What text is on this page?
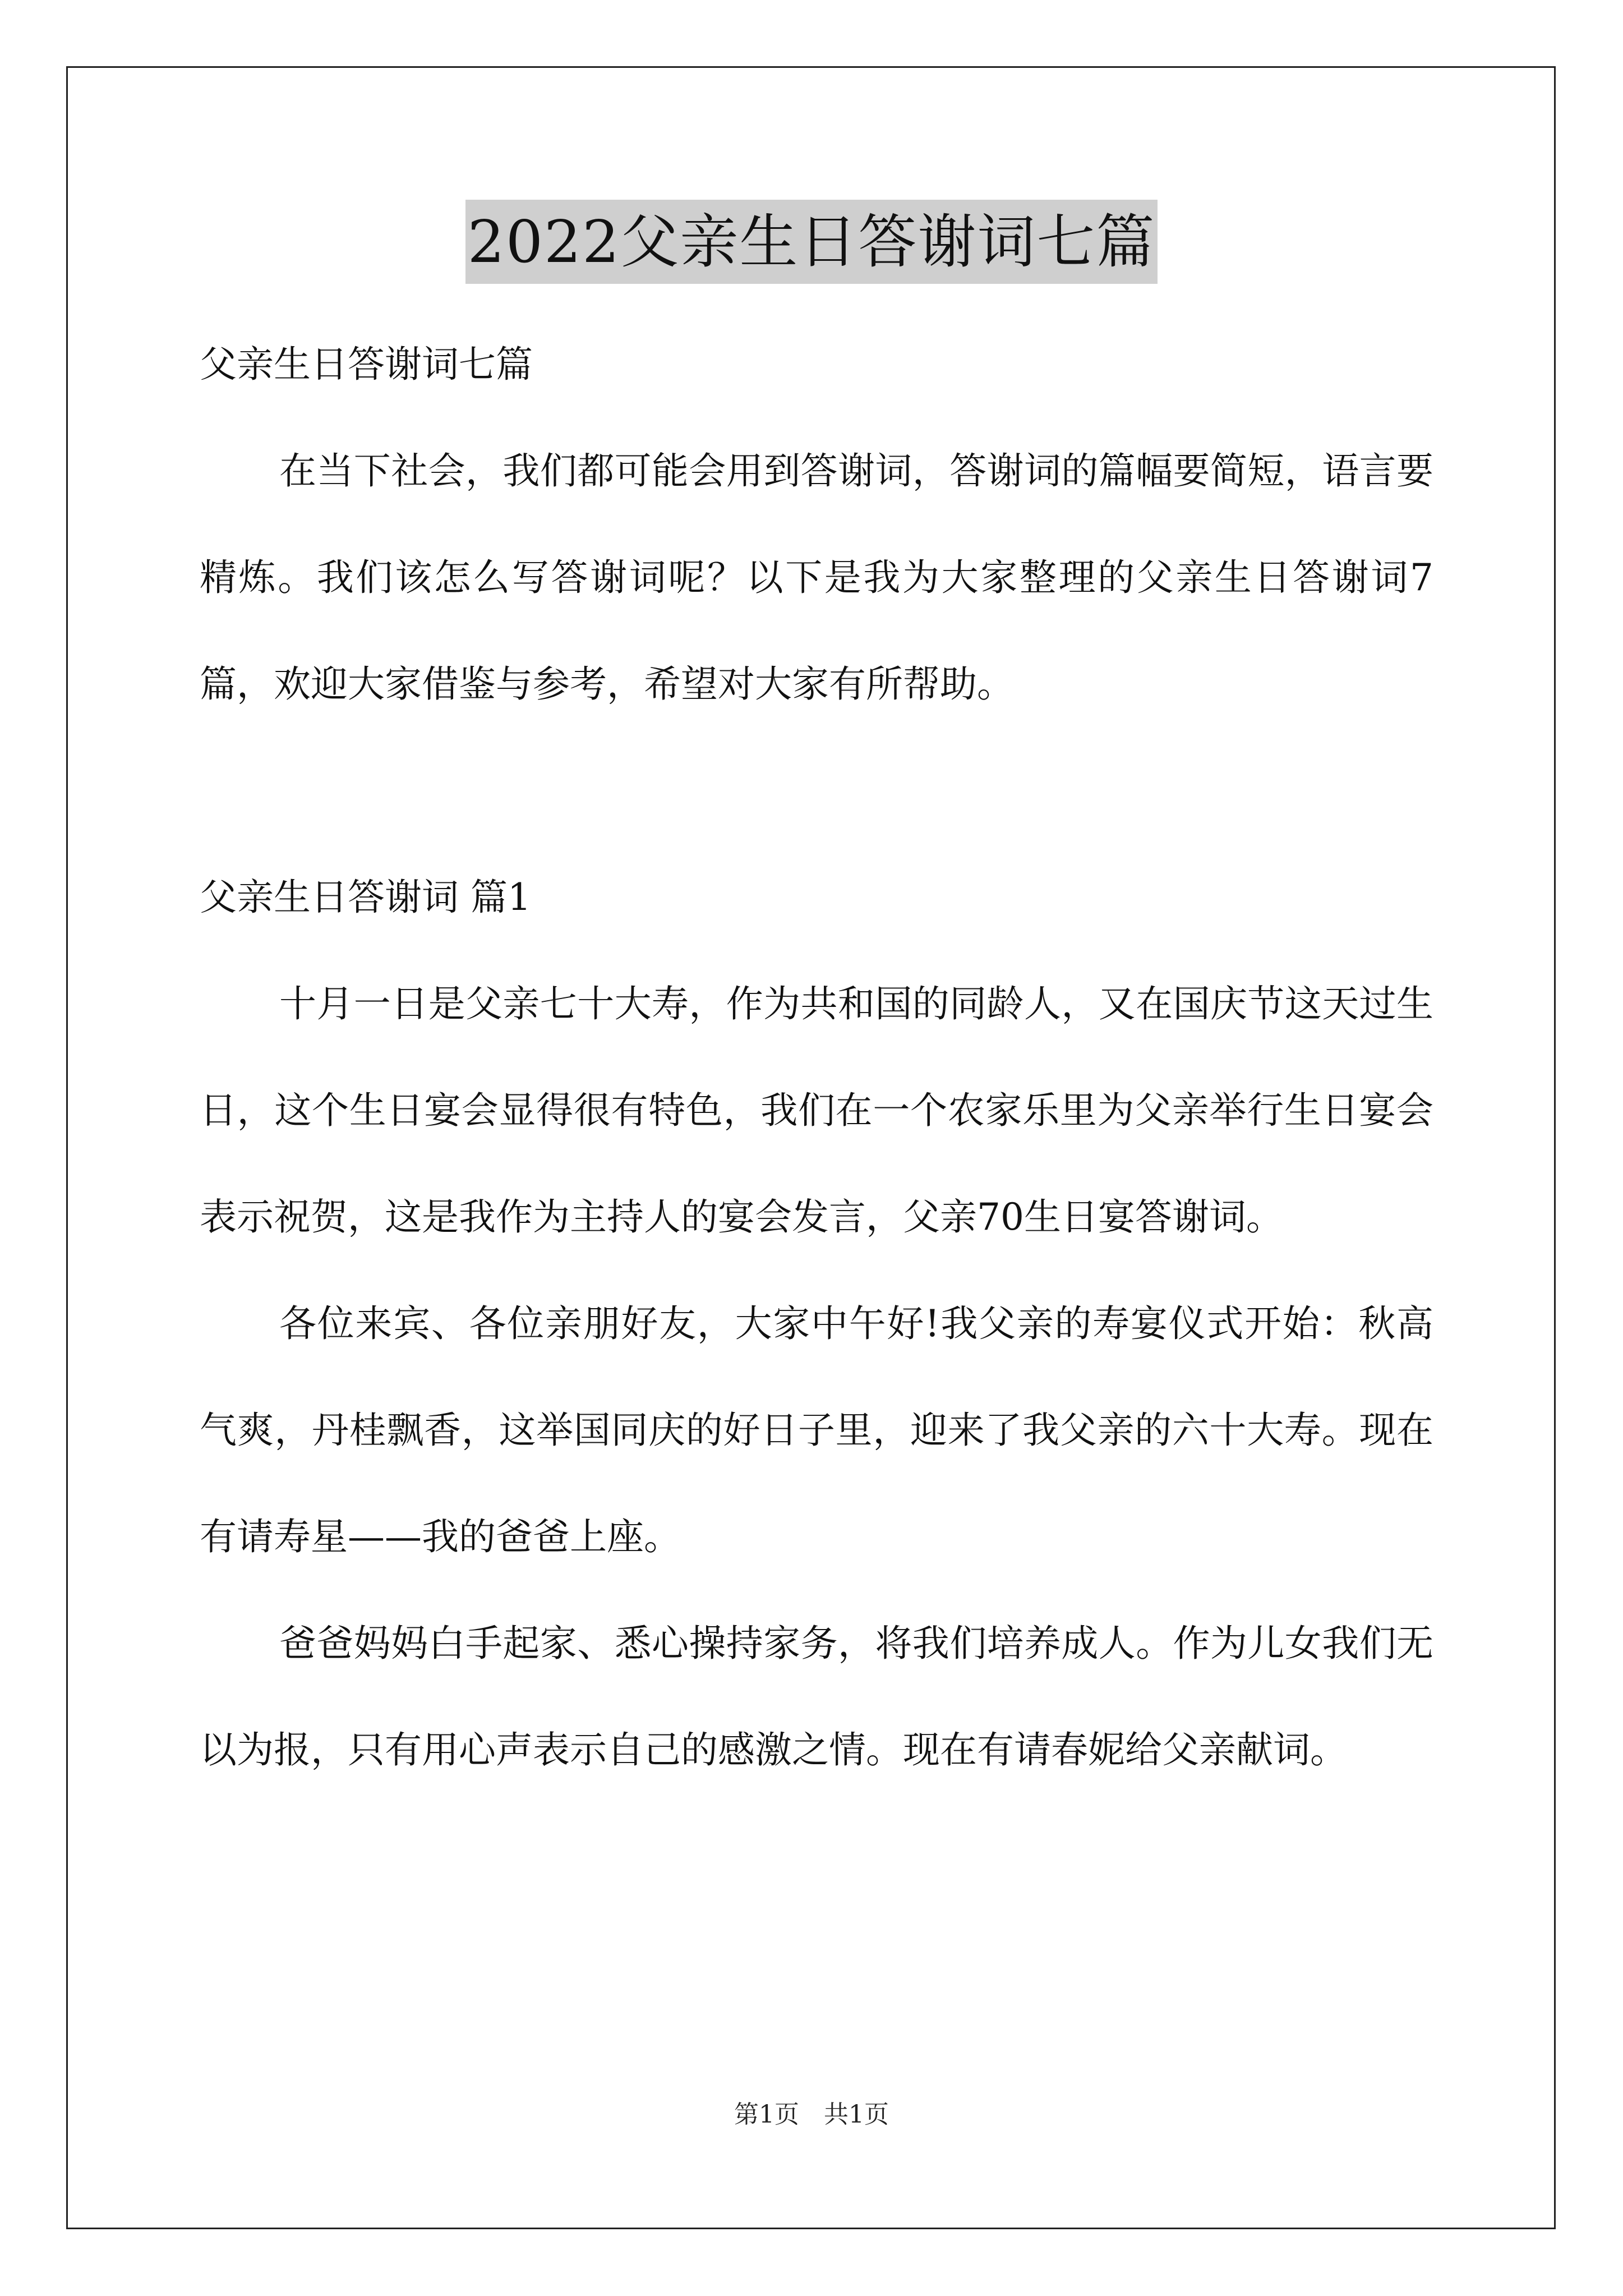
2022父亲生日答谢词七篇

父亲生日答谢词七篇

在当下社会，我们都可能会用到答谢词，答谢词的篇幅要简短，语言要精炼。我们该怎么写答谢词呢？以下是我为大家整理的父亲生日答谢词7篇，欢迎大家借鉴与参考，希望对大家有所帮助。

父亲生日答谢词 篇1

十月一日是父亲七十大寿，作为共和国的同龄人，又在国庆节这天过生日，这个生日宴会显得很有特色，我们在一个农家乐里为父亲举行生日宴会表示祝贺，这是我作为主持人的宴会发言，父亲70生日宴答谢词。

各位来宾、各位亲朋好友，大家中午好!我父亲的寿宴仪式开始：秋高气爽，丹桂飘香，这举国同庆的好日子里，迎来了我父亲的六十大寿。现在有请寿星——我的爸爸上座。

爸爸妈妈白手起家、悉心操持家务，将我们培养成人。作为儿女我们无以为报，只有用心声表示自己的感激之情。现在有请春妮给父亲献词。

第1页 共1页
